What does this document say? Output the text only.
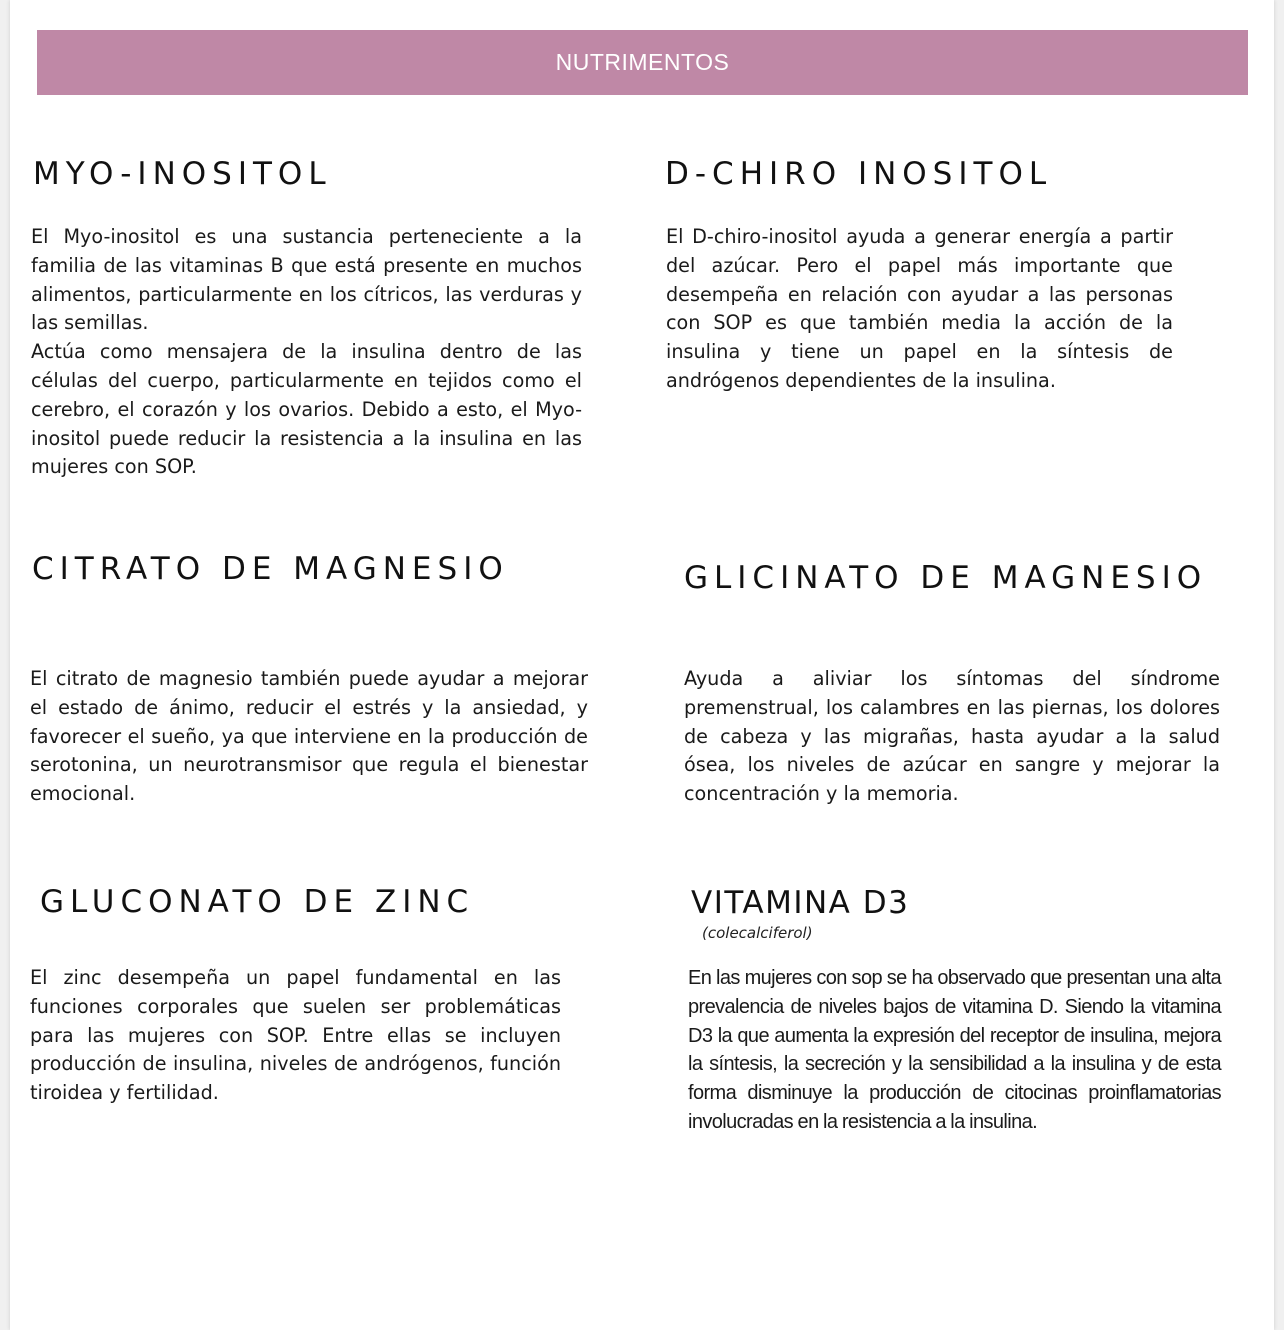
NUTRIMENTOS
MYO-INOSITOL

El Myo-inositol es una sustancia perteneciente a la familia de las vitaminas B que está presente en muchos alimentos, particularmente en los cítricos, las verduras y las semillas.

Actúa como mensajera de la insulina dentro de las células del cuerpo, particularmente en tejidos como el cerebro, el corazón y los ovarios. Debido a esto, el Myo-inositol puede reducir la resistencia a la insulina en las mujeres con SOP.

D-CHIRO INOSITOL

El D-chiro-inositol ayuda a generar energía a partir del azúcar. Pero el papel más importante que desempeña en relación con ayudar a las personas con SOP es que también media la acción de la insulina y tiene un papel en la síntesis de andrógenos dependientes de la insulina.

CITRATO DE MAGNESIO

El citrato de magnesio también puede ayudar a mejorar el estado de ánimo, reducir el estrés y la ansiedad, y favorecer el sueño, ya que interviene en la producción de serotonina, un neurotransmisor que regula el bienestar emocional.

GLICINATO DE MAGNESIO

Ayuda a aliviar los síntomas del síndrome premenstrual, los calambres en las piernas, los dolores de cabeza y las migrañas, hasta ayudar a la salud ósea, los niveles de azúcar en sangre y mejorar la concentración y la memoria.

GLUCONATO DE ZINC

El zinc desempeña un papel fundamental en las funciones corporales que suelen ser problemáticas para las mujeres con SOP. Entre ellas se incluyen producción de insulina, niveles de andrógenos, función tiroidea y fertilidad.

VITAMINA D3
(colecalciferol)

En las mujeres con sop se ha observado que presentan una alta prevalencia de niveles bajos de vitamina D. Siendo la vitamina D3 la que aumenta la expresión del receptor de insulina, mejora la síntesis, la secreción y la sensibilidad a la insulina y de esta forma disminuye la producción de citocinas proinflamatorias involucradas en la resistencia a la insulina.
